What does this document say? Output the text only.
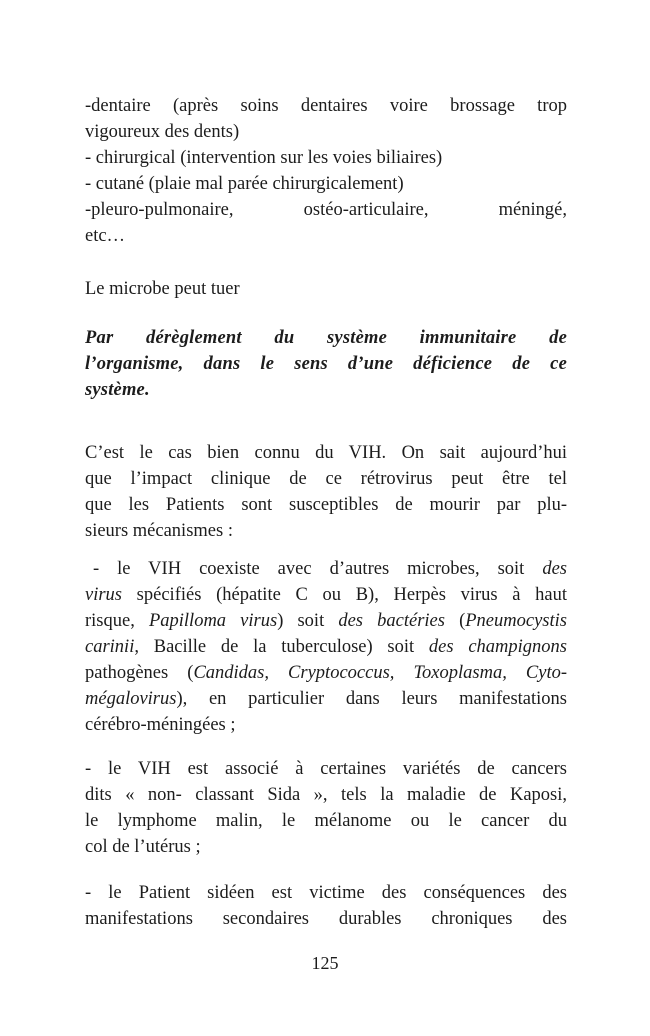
-dentaire (après soins dentaires voire brossage trop
vigoureux des dents)
- chirurgical (intervention sur les voies biliaires)
- cutané (plaie mal parée chirurgicalement)
-pleuro-pulmonaire, ostéo-articulaire, méningé,
etc…
Le microbe peut tuer
Par dérèglement du système immunitaire de
l’organisme, dans le sens d’une déficience de ce
système.
C’est le cas bien connu du VIH. On sait aujourd’hui
que l’impact clinique de ce rétrovirus peut être tel
que les Patients sont susceptibles de mourir par plu-
sieurs mécanismes :
- le VIH coexiste avec d’autres microbes, soit des
virus spécifiés (hépatite C ou B), Herpès virus à haut
risque, Papilloma virus) soit des bactéries (Pneumocystis
carinii, Bacille de la tuberculose) soit des champignons
pathogènes (Candidas, Cryptococcus, Toxoplasma, Cyto-
mégalovirus), en particulier dans leurs manifestations
cérébro-méningées ;
- le VIH est associé à certaines variétés de cancers
dits « non- classant Sida », tels la maladie de Kaposi,
le lymphome malin, le mélanome ou le cancer du
col de l’utérus ;
- le Patient sidéen est victime des conséquences des
manifestations secondaires durables chroniques des
125
